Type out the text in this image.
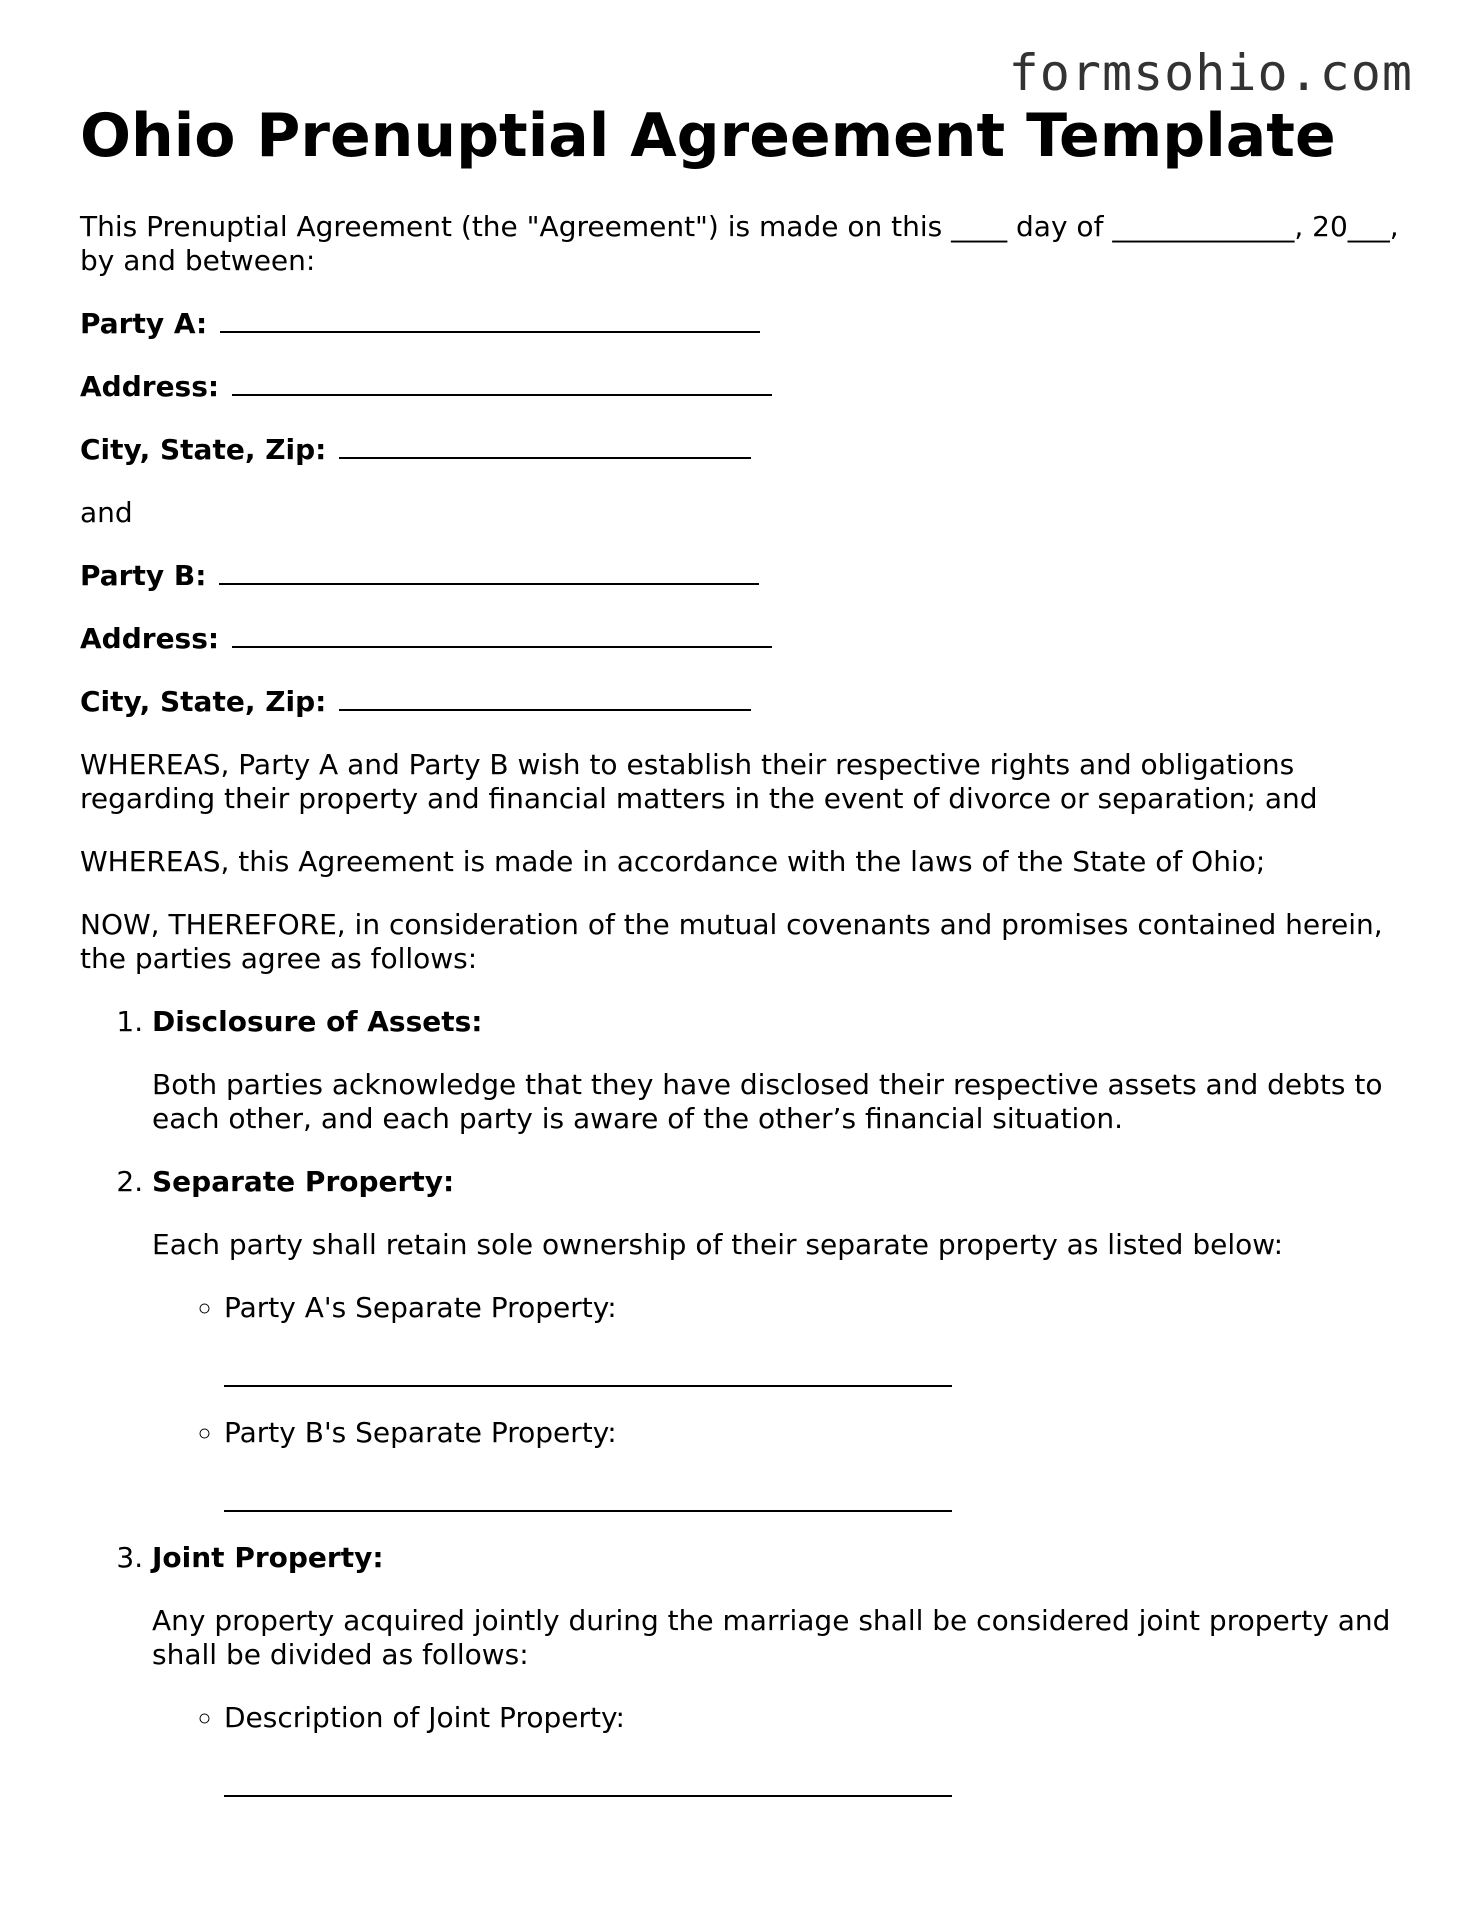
formsohio.com
Ohio Prenuptial Agreement Template

This Prenuptial Agreement (the "Agreement") is made on this ____ day of _____________, 20___, by and between:

Party A:

Address:

City, State, Zip:

and

Party B:

Address:

City, State, Zip:

WHEREAS, Party A and Party B wish to establish their respective rights and obligations regarding their property and financial matters in the event of divorce or separation; and

WHEREAS, this Agreement is made in accordance with the laws of the State of Ohio;

NOW, THEREFORE, in consideration of the mutual covenants and promises contained herein, the parties agree as follows:

1. Disclosure of Assets:

Both parties acknowledge that they have disclosed their respective assets and debts to each other, and each party is aware of the other’s financial situation.

2. Separate Property:

Each party shall retain sole ownership of their separate property as listed below:

◦ Party A's Separate Property:
◦ Party B's Separate Property:
3. Joint Property:

Any property acquired jointly during the marriage shall be considered joint property and shall be divided as follows:

◦ Description of Joint Property:
